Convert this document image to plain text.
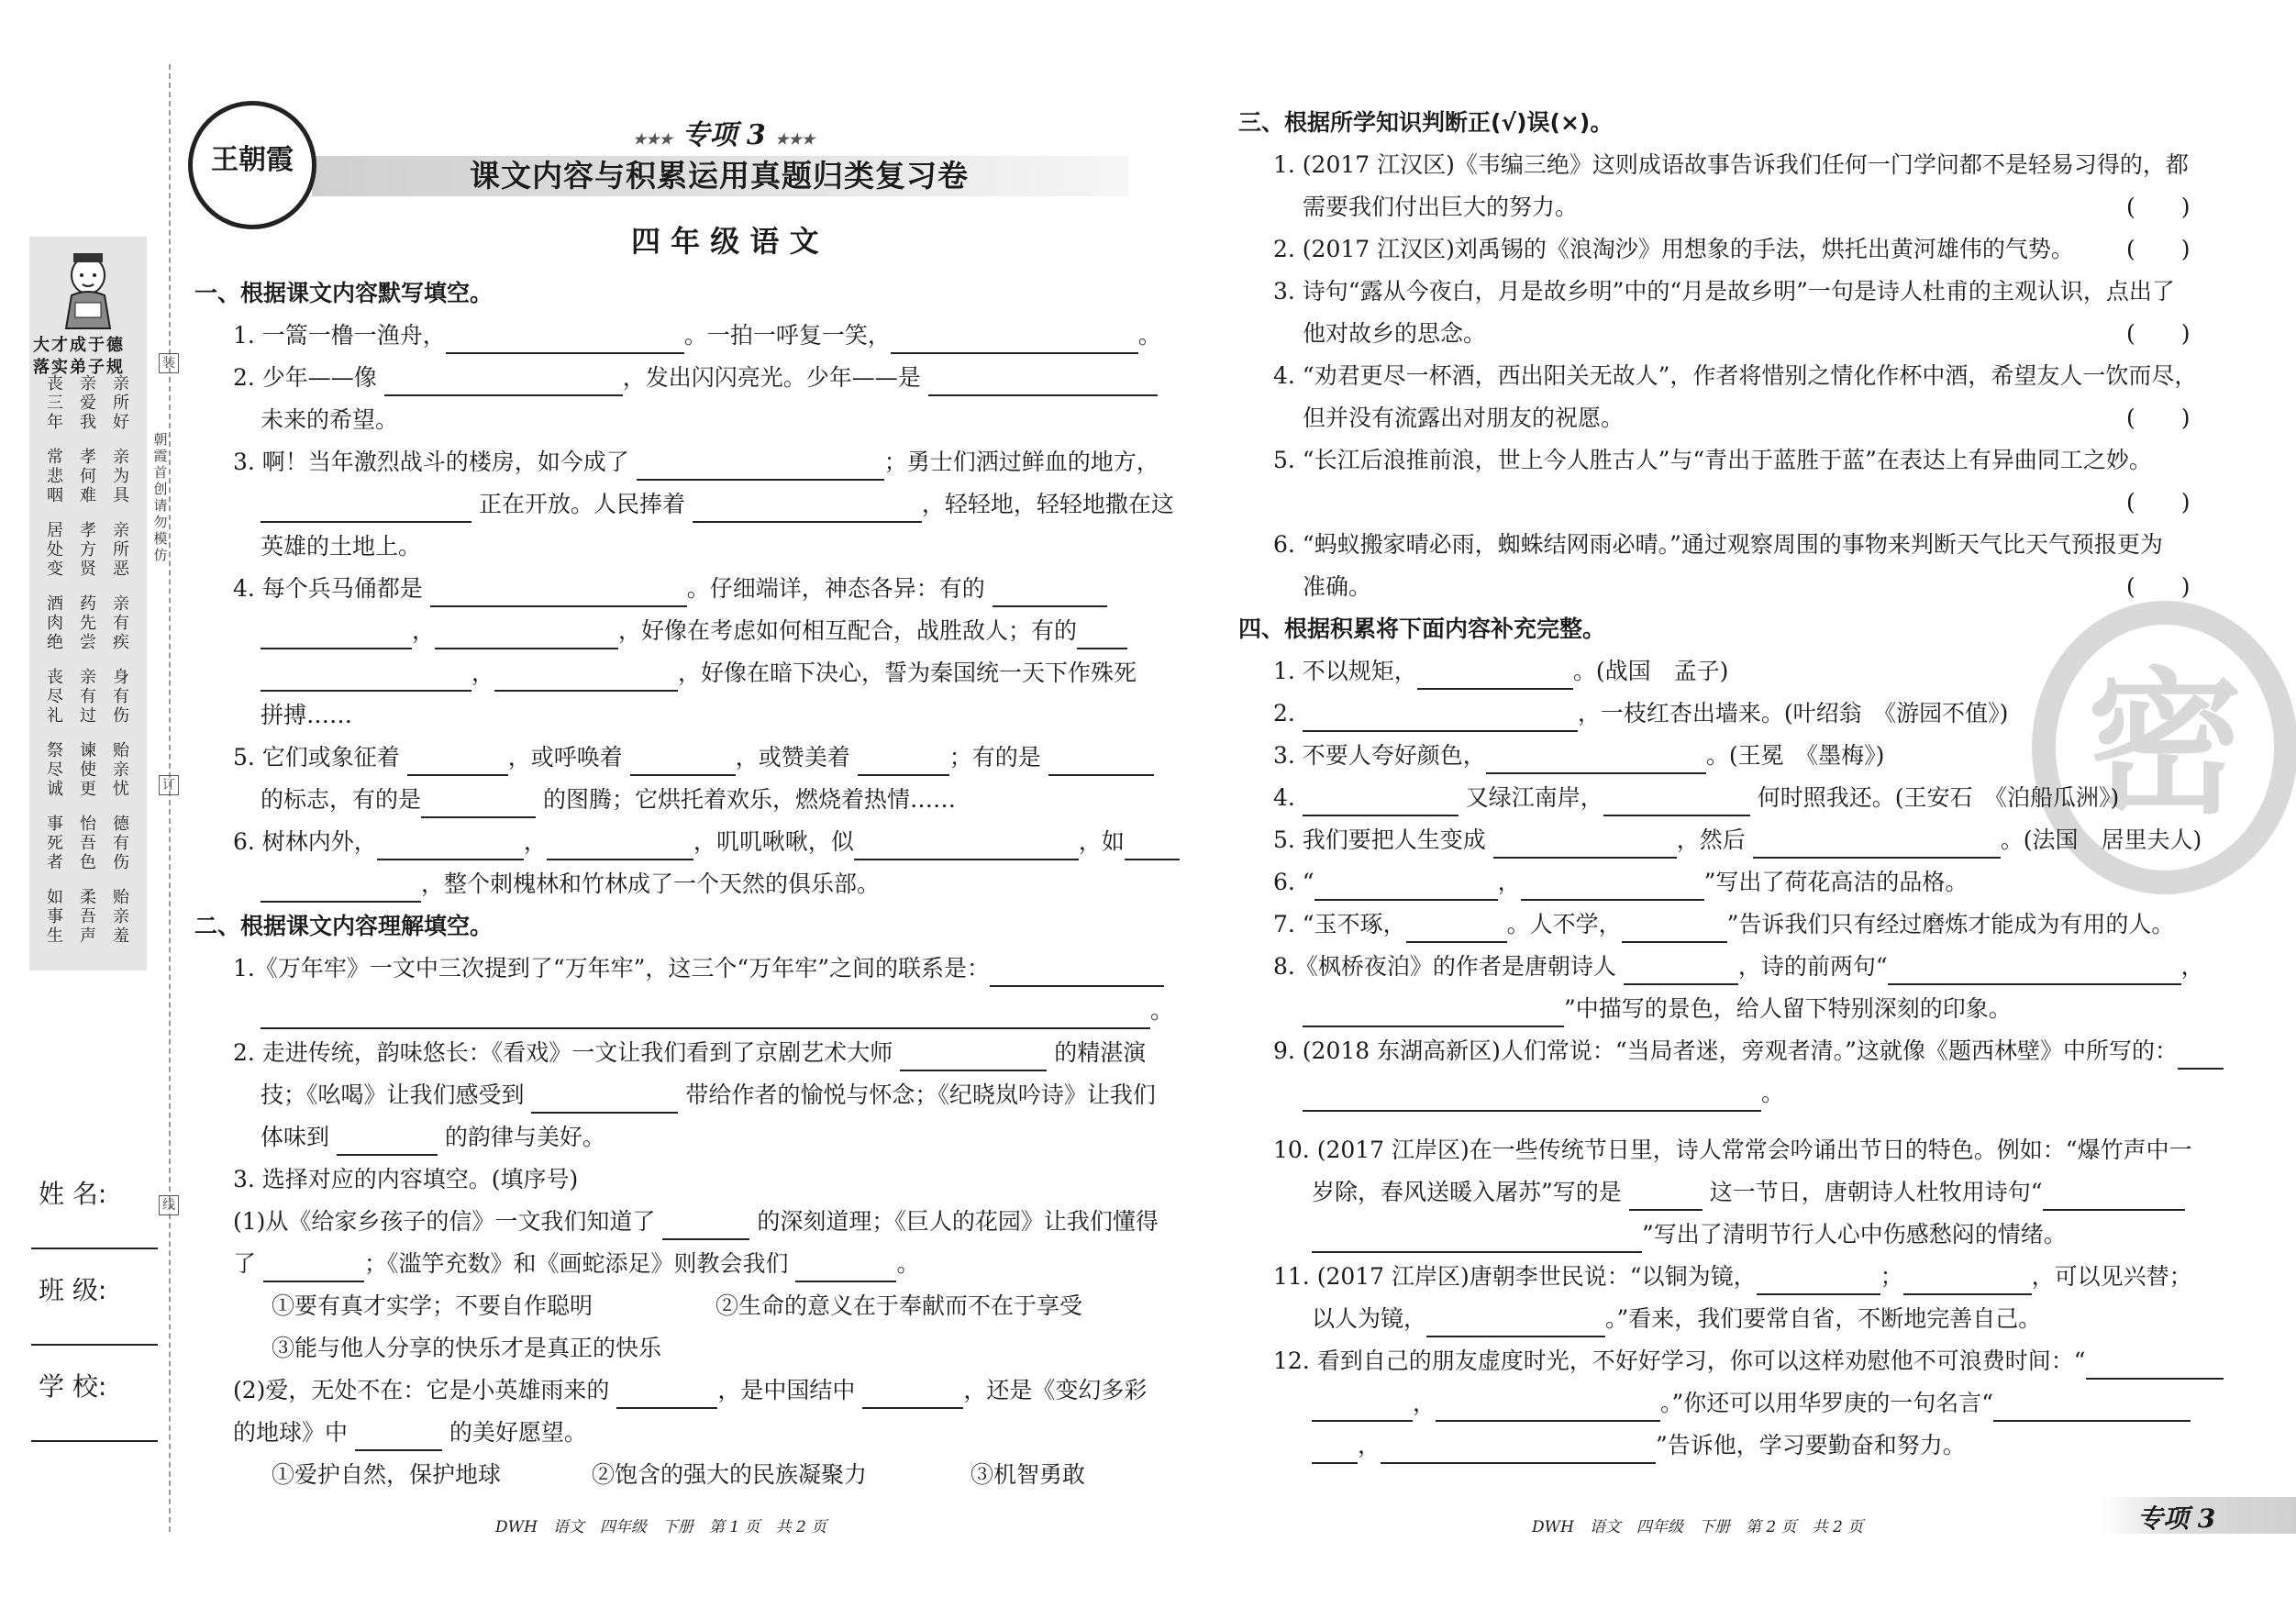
大才成于德
落实弟子规
亲所好
亲爱我
丧三年
亲为具
孝何难
常悲咽
亲所恶
孝方贤
居处变
亲有疾
药先尝
酒肉绝
身有伤
亲有过
丧尽礼
贻亲忧
谏使更
祭尽诚
德有伤
怡吾色
事死者
贻亲羞
柔吾声
如事生
装
订
线
朝霞首创 请勿模仿
姓 名:
班 级:
学 校:
王朝霞
★★★ 专项 3 ★★★
课文内容与积累运用真题归类复习卷
四 年 级 语 文
一、根据课文内容默写填空。
1. 一篙一橹一渔舟，	。一拍一呼复一笑，	。
2. 少年——像	，发出闪闪亮光。少年——是
未来的希望。
3. 啊！当年激烈战斗的楼房，如今成了	；勇士们洒过鲜血的地方，
正在开放。人民捧着	，轻轻地，轻轻地撒在这
英雄的土地上。
4. 每个兵马俑都是	。仔细端详，神态各异：有的
，	，好像在考虑如何相互配合，战胜敌人；有的
，	，好像在暗下决心，誓为秦国统一天下作殊死
拼搏……
5. 它们或象征着	，或呼唤着	，或赞美着	；有的是
的标志，有的是	的图腾；它烘托着欢乐，燃烧着热情……
6. 树林内外，	，	，叽叽啾啾，似	，如
，整个刺槐林和竹林成了一个天然的俱乐部。
二、根据课文内容理解填空。
1.《万年牢》一文中三次提到了“万年牢”，这三个“万年牢”之间的联系是：
。
2. 走进传统，韵味悠长：《看戏》一文让我们看到了京剧艺术大师	的精湛演
技；《吆喝》让我们感受到	带给作者的愉悦与怀念；《纪晓岚吟诗》让我们
体味到	的韵律与美好。
3. 选择对应的内容填空。(填序号)
(1)从《给家乡孩子的信》一文我们知道了	的深刻道理；《巨人的花园》让我们懂得
了	；《滥竽充数》和《画蛇添足》则教会我们	。
①要有真才实学；不要自作聪明	②生命的意义在于奉献而不在于享受
③能与他人分享的快乐才是真正的快乐
(2)爱，无处不在：它是小英雄雨来的	，是中国结中	，还是《变幻多彩
的地球》中	的美好愿望。
①爱护自然，保护地球	②饱含的强大的民族凝聚力	③机智勇敢
DWH　语文　四年级　下册　第 1 页　共 2 页
密
三、根据所学知识判断正(√)误(×)。
1. (2017 江汉区)《韦编三绝》这则成语故事告诉我们任何一门学问都不是轻易习得的，都
需要我们付出巨大的努力。	(　　)
2. (2017 江汉区)刘禹锡的《浪淘沙》用想象的手法，烘托出黄河雄伟的气势。 (　　)
3. 诗句“露从今夜白，月是故乡明”中的“月是故乡明”一句是诗人杜甫的主观认识，点出了
他对故乡的思念。	(　　)
4. “劝君更尽一杯酒，西出阳关无故人”，作者将惜别之情化作杯中酒，希望友人一饮而尽，
但并没有流露出对朋友的祝愿。	(　　)
5. “长江后浪推前浪，世上今人胜古人”与“青出于蓝胜于蓝”在表达上有异曲同工之妙。
(　　)
6. “蚂蚁搬家晴必雨，蜘蛛结网雨必晴。”通过观察周围的事物来判断天气比天气预报更为
准确。	(　　)
四、根据积累将下面内容补充完整。
1. 不以规矩，	。(战国　孟子)
2.	，一枝红杏出墙来。(叶绍翁　《游园不值》)
3. 不要人夸好颜色，	。(王冕　《墨梅》)
4.	又绿江南岸，	何时照我还。(王安石　《泊船瓜洲》)
5. 我们要把人生变成	，然后	。(法国　居里夫人)
6. “	，	”写出了荷花高洁的品格。
7. “玉不琢，	。人不学，	”告诉我们只有经过磨炼才能成为有用的人。
8.《枫桥夜泊》的作者是唐朝诗人	，诗的前两句“	，
”中描写的景色，给人留下特别深刻的印象。
9. (2018 东湖高新区)人们常说：“当局者迷，旁观者清。”这就像《题西林壁》中所写的：
。
10. (2017 江岸区)在一些传统节日里，诗人常常会吟诵出节日的特色。例如：“爆竹声中一
岁除，春风送暖入屠苏”写的是	这一节日，唐朝诗人杜牧用诗句“
”写出了清明节行人心中伤感愁闷的情绪。
11. (2017 江岸区)唐朝李世民说：“以铜为镜，	；	，可以见兴替；
以人为镜，	。”看来，我们要常自省，不断地完善自己。
12. 看到自己的朋友虚度时光，不好好学习，你可以这样劝慰他不可浪费时间：“
，	。”你还可以用华罗庚的一句名言“
，	”告诉他，学习要勤奋和努力。
DWH　语文　四年级　下册　第 2 页　共 2 页	专项 3
